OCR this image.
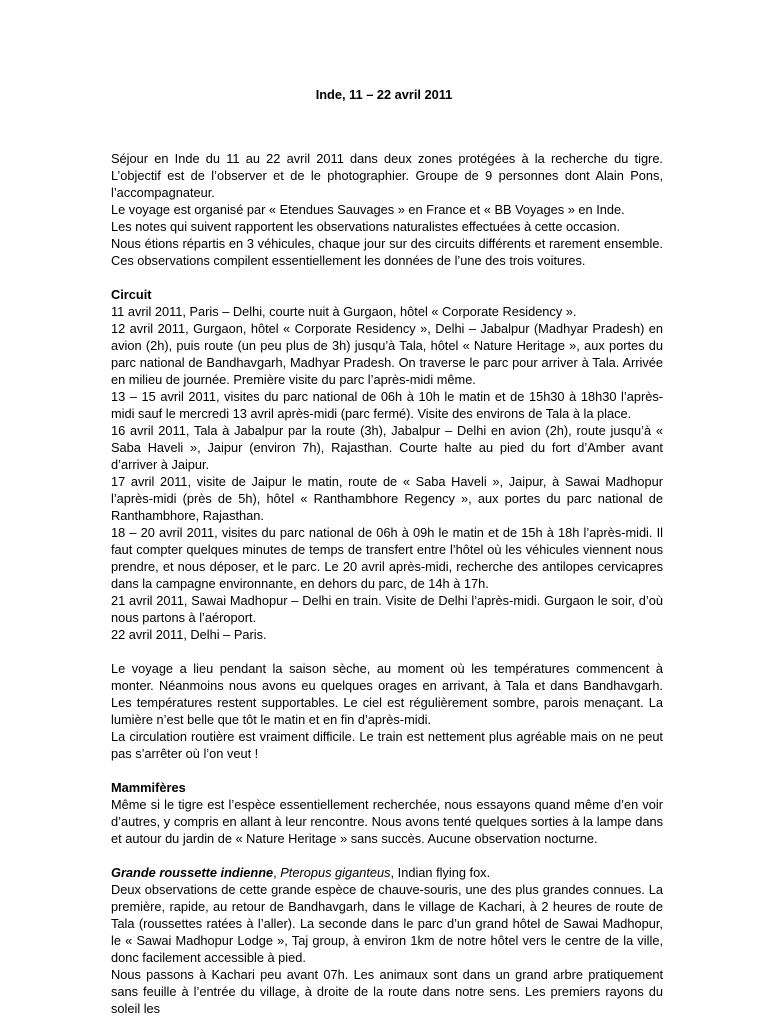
Inde, 11 – 22 avril 2011

Séjour en Inde du 11 au 22 avril 2011 dans deux zones protégées à la recherche du tigre. L’objectif est de l’observer et de le photographier. Groupe de 9 personnes dont Alain Pons, l’accompagnateur.

Le voyage est organisé par « Etendues Sauvages » en France et « BB Voyages » en Inde.

Les notes qui suivent rapportent les observations naturalistes effectuées à cette occasion.

Nous étions répartis en 3 véhicules, chaque jour sur des circuits différents et rarement ensemble. Ces observations compilent essentiellement les données de l’une des trois voitures.

Circuit

11 avril 2011, Paris – Delhi, courte nuit à Gurgaon, hôtel « Corporate Residency ».

12 avril 2011, Gurgaon, hôtel « Corporate Residency », Delhi – Jabalpur (Madhyar Pradesh) en avion (2h), puis route (un peu plus de 3h) jusqu’à Tala, hôtel « Nature Heritage », aux portes du parc national de Bandhavgarh, Madhyar Pradesh. On traverse le parc pour arriver à Tala. Arrivée en milieu de journée. Première visite du parc l’après-midi même.

13 – 15 avril 2011, visites du parc national de 06h à 10h le matin et de 15h30 à 18h30 l’après-midi sauf le mercredi 13 avril après-midi (parc fermé). Visite des environs de Tala à la place.

16 avril 2011, Tala à Jabalpur par la route (3h), Jabalpur – Delhi en avion (2h), route jusqu’à « Saba Haveli », Jaipur (environ 7h), Rajasthan. Courte halte au pied du fort d’Amber avant d’arriver à Jaipur.

17 avril 2011, visite de Jaipur le matin, route de « Saba Haveli », Jaipur, à Sawai Madhopur l’après-midi (près de 5h), hôtel « Ranthambhore Regency », aux portes du parc national de Ranthambhore, Rajasthan.

18 – 20 avril 2011, visites du parc national de 06h à 09h le matin et de 15h à 18h l’après-midi. Il faut compter quelques minutes de temps de transfert entre l’hôtel où les véhicules viennent nous prendre, et nous déposer, et le parc. Le 20 avril après-midi, recherche des antilopes cervicapres dans la campagne environnante, en dehors du parc, de 14h à 17h.

21 avril 2011, Sawai Madhopur – Delhi en train. Visite de Delhi l’après-midi. Gurgaon le soir, d’où nous partons à l’aéroport.

22 avril 2011, Delhi – Paris.

Le voyage a lieu pendant la saison sèche, au moment où les températures commencent à monter. Néanmoins nous avons eu quelques orages en arrivant, à Tala et dans Bandhavgarh. Les températures restent supportables. Le ciel est régulièrement sombre, parois menaçant. La lumière n’est belle que tôt le matin et en fin d’après-midi.

La circulation routière est vraiment difficile. Le train est nettement plus agréable mais on ne peut pas s’arrêter où l’on veut !

Mammifères

Même si le tigre est l’espèce essentiellement recherchée, nous essayons quand même d’en voir d’autres, y compris en allant à leur rencontre. Nous avons tenté quelques sorties à la lampe dans et autour du jardin de « Nature Heritage » sans succès. Aucune observation nocturne.

Grande roussette indienne, Pteropus giganteus, Indian flying fox.

Deux observations de cette grande espèce de chauve-souris, une des plus grandes connues. La première, rapide, au retour de Bandhavgarh, dans le village de Kachari, à 2 heures de route de Tala (roussettes ratées à l’aller). La seconde dans le parc d’un grand hôtel de Sawai Madhopur, le « Sawai Madhopur Lodge », Taj group, à environ 1km de notre hôtel vers le centre de la ville, donc facilement accessible à pied.

Nous passons à Kachari peu avant 07h. Les animaux sont dans un grand arbre pratiquement sans feuille à l’entrée du village, à droite de la route dans notre sens. Les premiers rayons du soleil les
